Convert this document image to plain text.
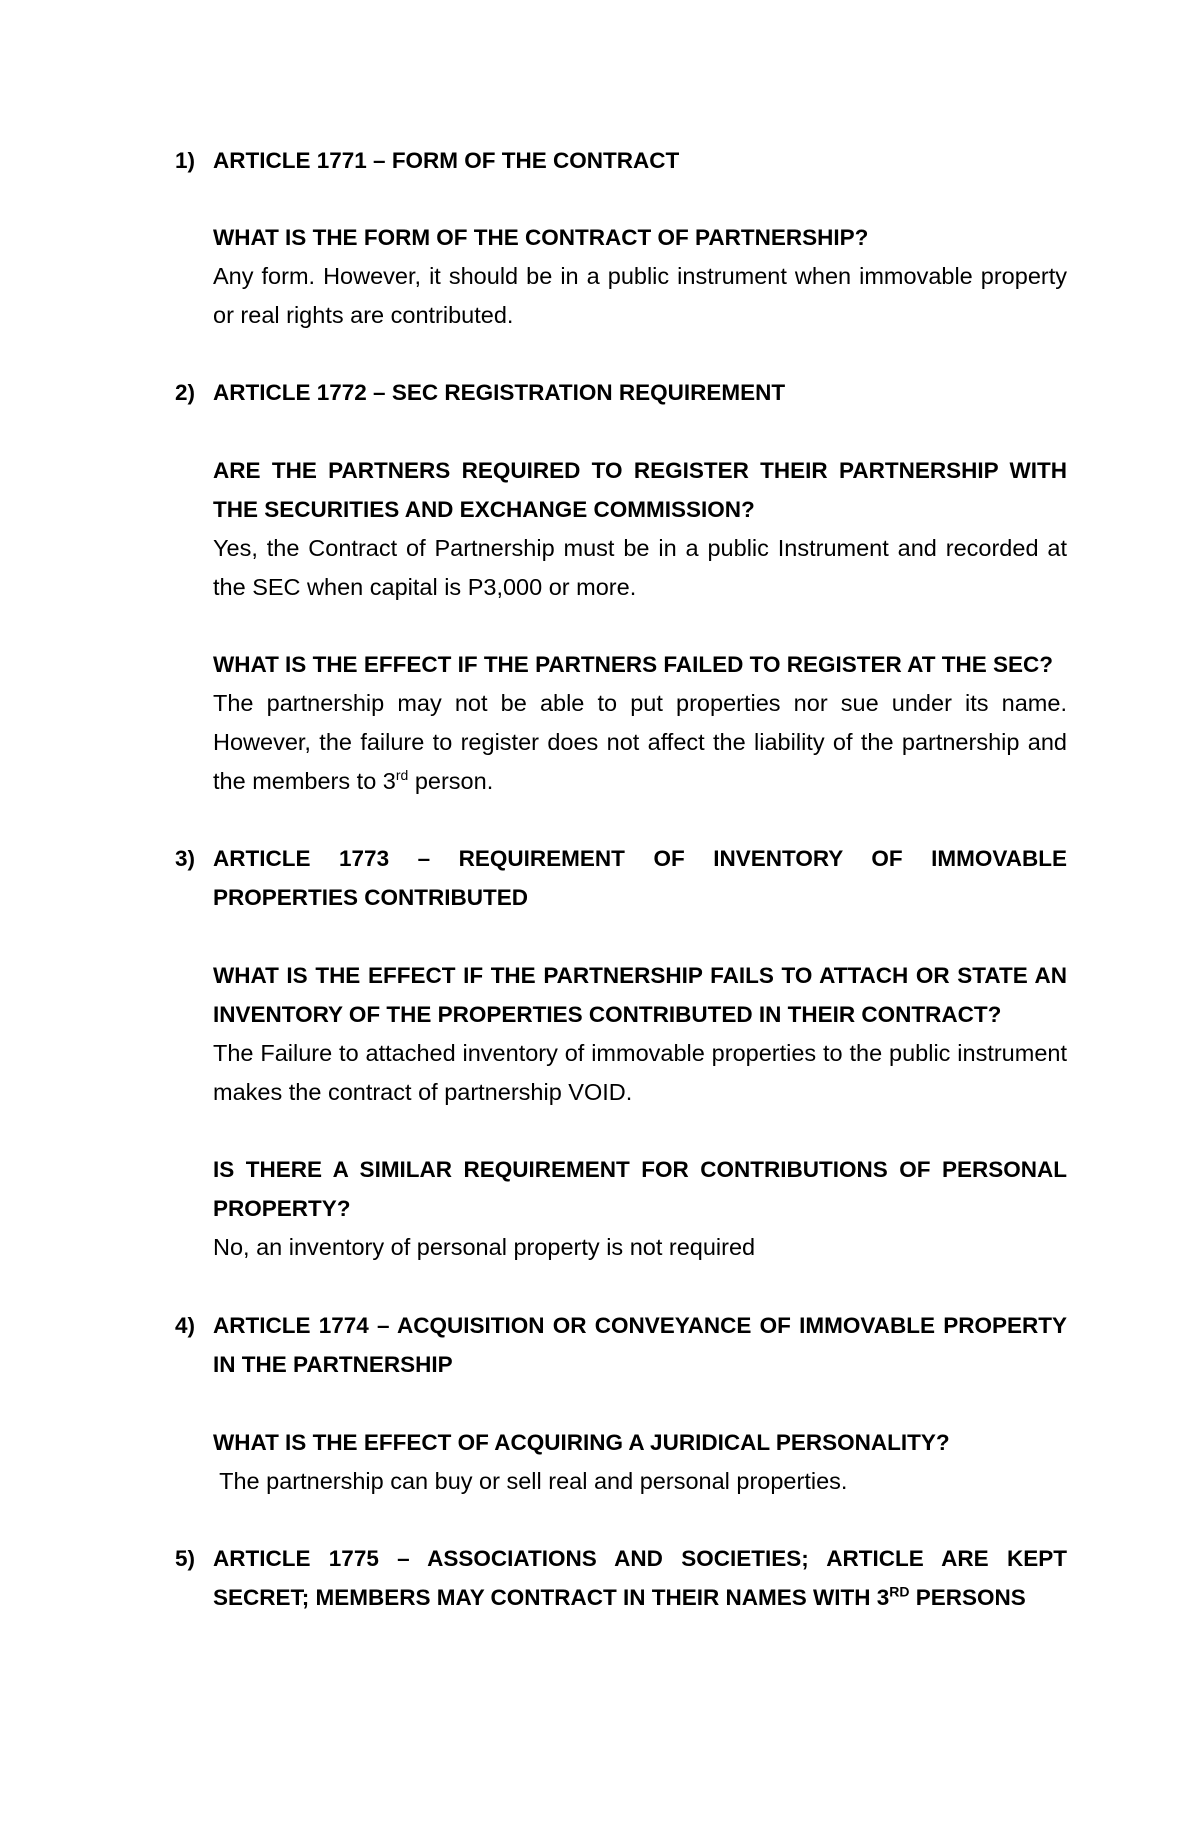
1) ARTICLE 1771 – FORM OF THE CONTRACT
WHAT IS THE FORM OF THE CONTRACT OF PARTNERSHIP?
Any form. However, it should be in a public instrument when immovable property or real rights are contributed.
2) ARTICLE 1772 – SEC REGISTRATION REQUIREMENT
ARE THE PARTNERS REQUIRED TO REGISTER THEIR PARTNERSHIP WITH THE SECURITIES AND EXCHANGE COMMISSION?
Yes, the Contract of Partnership must be in a public Instrument and recorded at the SEC when capital is P3,000 or more.
WHAT IS THE EFFECT IF THE PARTNERS FAILED TO REGISTER AT THE SEC?
The partnership may not be able to put properties nor sue under its name. However, the failure to register does not affect the liability of the partnership and the members to 3rd person.
3) ARTICLE 1773 – REQUIREMENT OF INVENTORY OF IMMOVABLE
PROPERTIES CONTRIBUTED
WHAT IS THE EFFECT IF THE PARTNERSHIP FAILS TO ATTACH OR STATE AN INVENTORY OF THE PROPERTIES CONTRIBUTED IN THEIR CONTRACT?
The Failure to attached inventory of immovable properties to the public instrument makes the contract of partnership VOID.
IS THERE A SIMILAR REQUIREMENT FOR CONTRIBUTIONS OF PERSONAL PROPERTY?
No, an inventory of personal property is not required
4) ARTICLE 1774 – ACQUISITION OR CONVEYANCE OF IMMOVABLE PROPERTY IN THE PARTNERSHIP
WHAT IS THE EFFECT OF ACQUIRING A JURIDICAL PERSONALITY?
The partnership can buy or sell real and personal properties.
5) ARTICLE 1775 – ASSOCIATIONS AND SOCIETIES; ARTICLE ARE KEPT SECRET; MEMBERS MAY CONTRACT IN THEIR NAMES WITH 3RD PERSONS
